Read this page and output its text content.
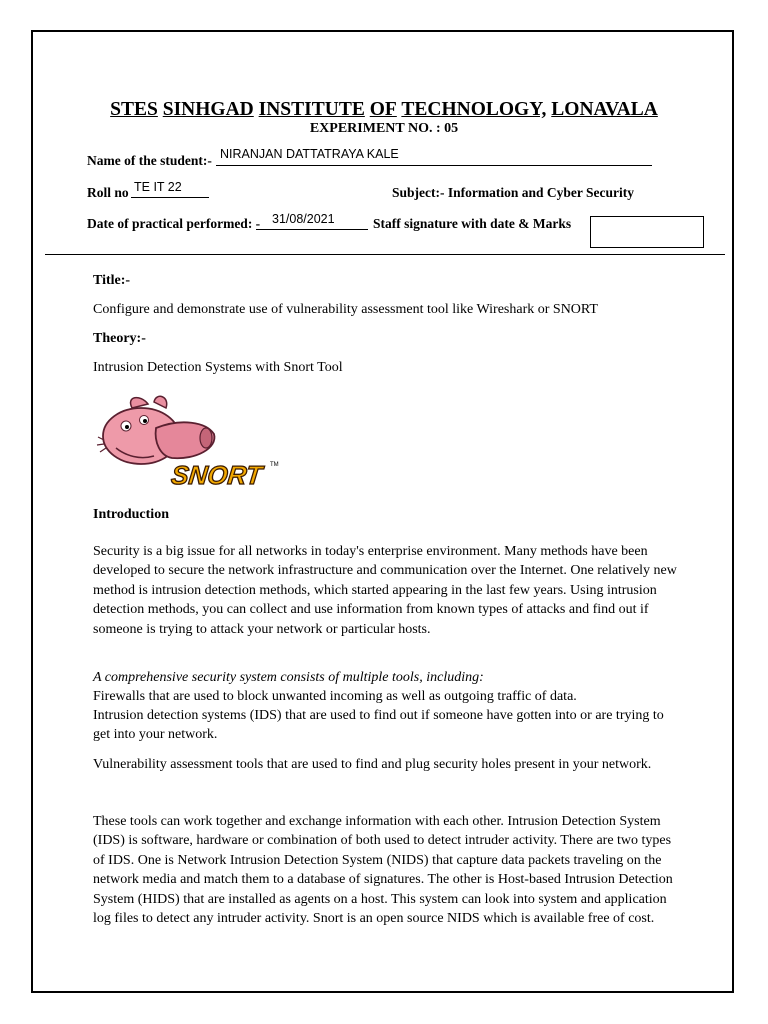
STES SINHGAD INSTITUTE OF TECHNOLOGY, LONAVALA
EXPERIMENT NO. : 05
Name of the student:- NIRANJAN DATTATRAYA KALE
Roll no TE IT 22	Subject:- Information and Cyber Security
Date of practical performed: - 31/08/2021	Staff signature with date & Marks
Title:-
Configure and demonstrate use of vulnerability assessment tool like Wireshark or SNORT
Theory:-
Intrusion Detection Systems with Snort Tool
SNORT	TM
Introduction
Security is a big issue for all networks in today's enterprise environment. Many methods have been developed to secure the network infrastructure and communication over the Internet. One relatively new method is intrusion detection methods, which started appearing in the last few years. Using intrusion detection methods, you can collect and use information from known types of attacks and find out if someone is trying to attack your network or particular hosts.
A comprehensive security system consists of multiple tools, including:
Firewalls that are used to block unwanted incoming as well as outgoing traffic of data.
Intrusion detection systems (IDS) that are used to find out if someone have gotten into or are trying to get into your network.
Vulnerability assessment tools that are used to find and plug security holes present in your network.
These tools can work together and exchange information with each other. Intrusion Detection System (IDS) is software, hardware or combination of both used to detect intruder activity. There are two types of IDS. One is Network Intrusion Detection System (NIDS) that capture data packets traveling on the network media and match them to a database of signatures. The other is Host-based Intrusion Detection System (HIDS) that are installed as agents on a host. This system can look into system and application log files to detect any intruder activity. Snort is an open source NIDS which is available free of cost.
